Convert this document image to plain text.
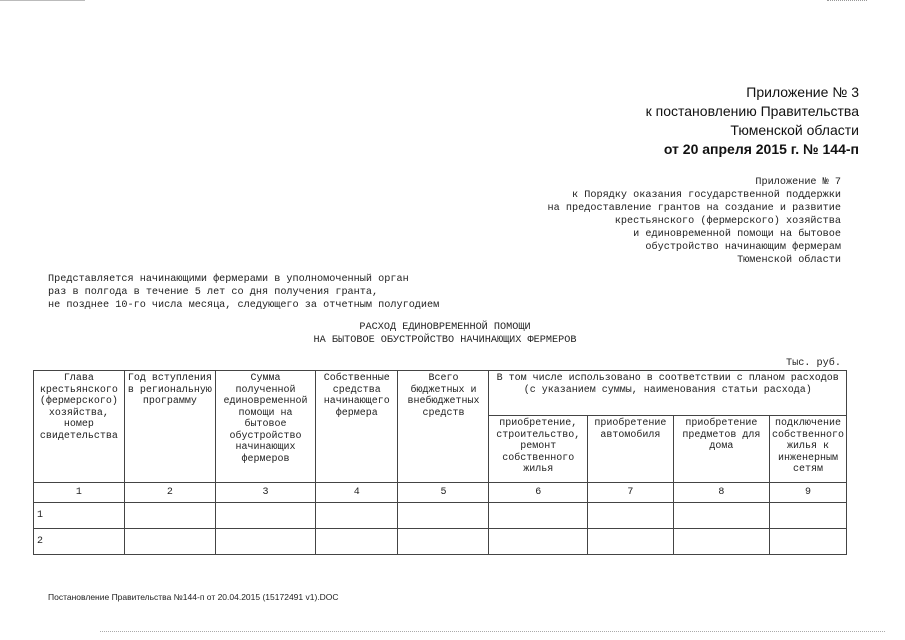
Приложение № 3
к постановлению Правительства
Тюменской области
от 20 апреля 2015 г. № 144-п
Приложение № 7
к Порядку оказания государственной поддержки
на предоставление грантов на создание и развитие
крестьянского (фермерского) хозяйства
и единовременной помощи на бытовое
обустройство начинающим фермерам
Тюменской области
Представляется начинающими фермерами в уполномоченный орган
раз в полгода в течение 5 лет со дня получения гранта,
не позднее 10-го числа месяца, следующего за отчетным полугодием
РАСХОД ЕДИНОВРЕМЕННОЙ ПОМОЩИ
НА БЫТОВОЕ ОБУСТРОЙСТВО НАЧИНАЮЩИХ ФЕРМЕРОВ
Тыс. руб.
Глава крестьянского (фермерского) хозяйства, номер свидетельства	Год вступления в региональную программу	Сумма полученной единовременной помощи на бытовое обустройство начинающих фермеров	Собственные средства начинающего фермера	Всего бюджетных и внебюджетных средств	В том числе использовано в соответствии с планом расходов (с указанием суммы, наименования статьи расхода)			
					приобретение, строительство, ремонт собственного жилья	приобретение автомобиля	приобретение предметов для дома	подключение собственного жилья к инженерным сетям
1	2	3	4	5	6	7	8	9
1								
2								
Постановление Правительства №144-п от 20.04.2015 (15172491 v1).DOC
